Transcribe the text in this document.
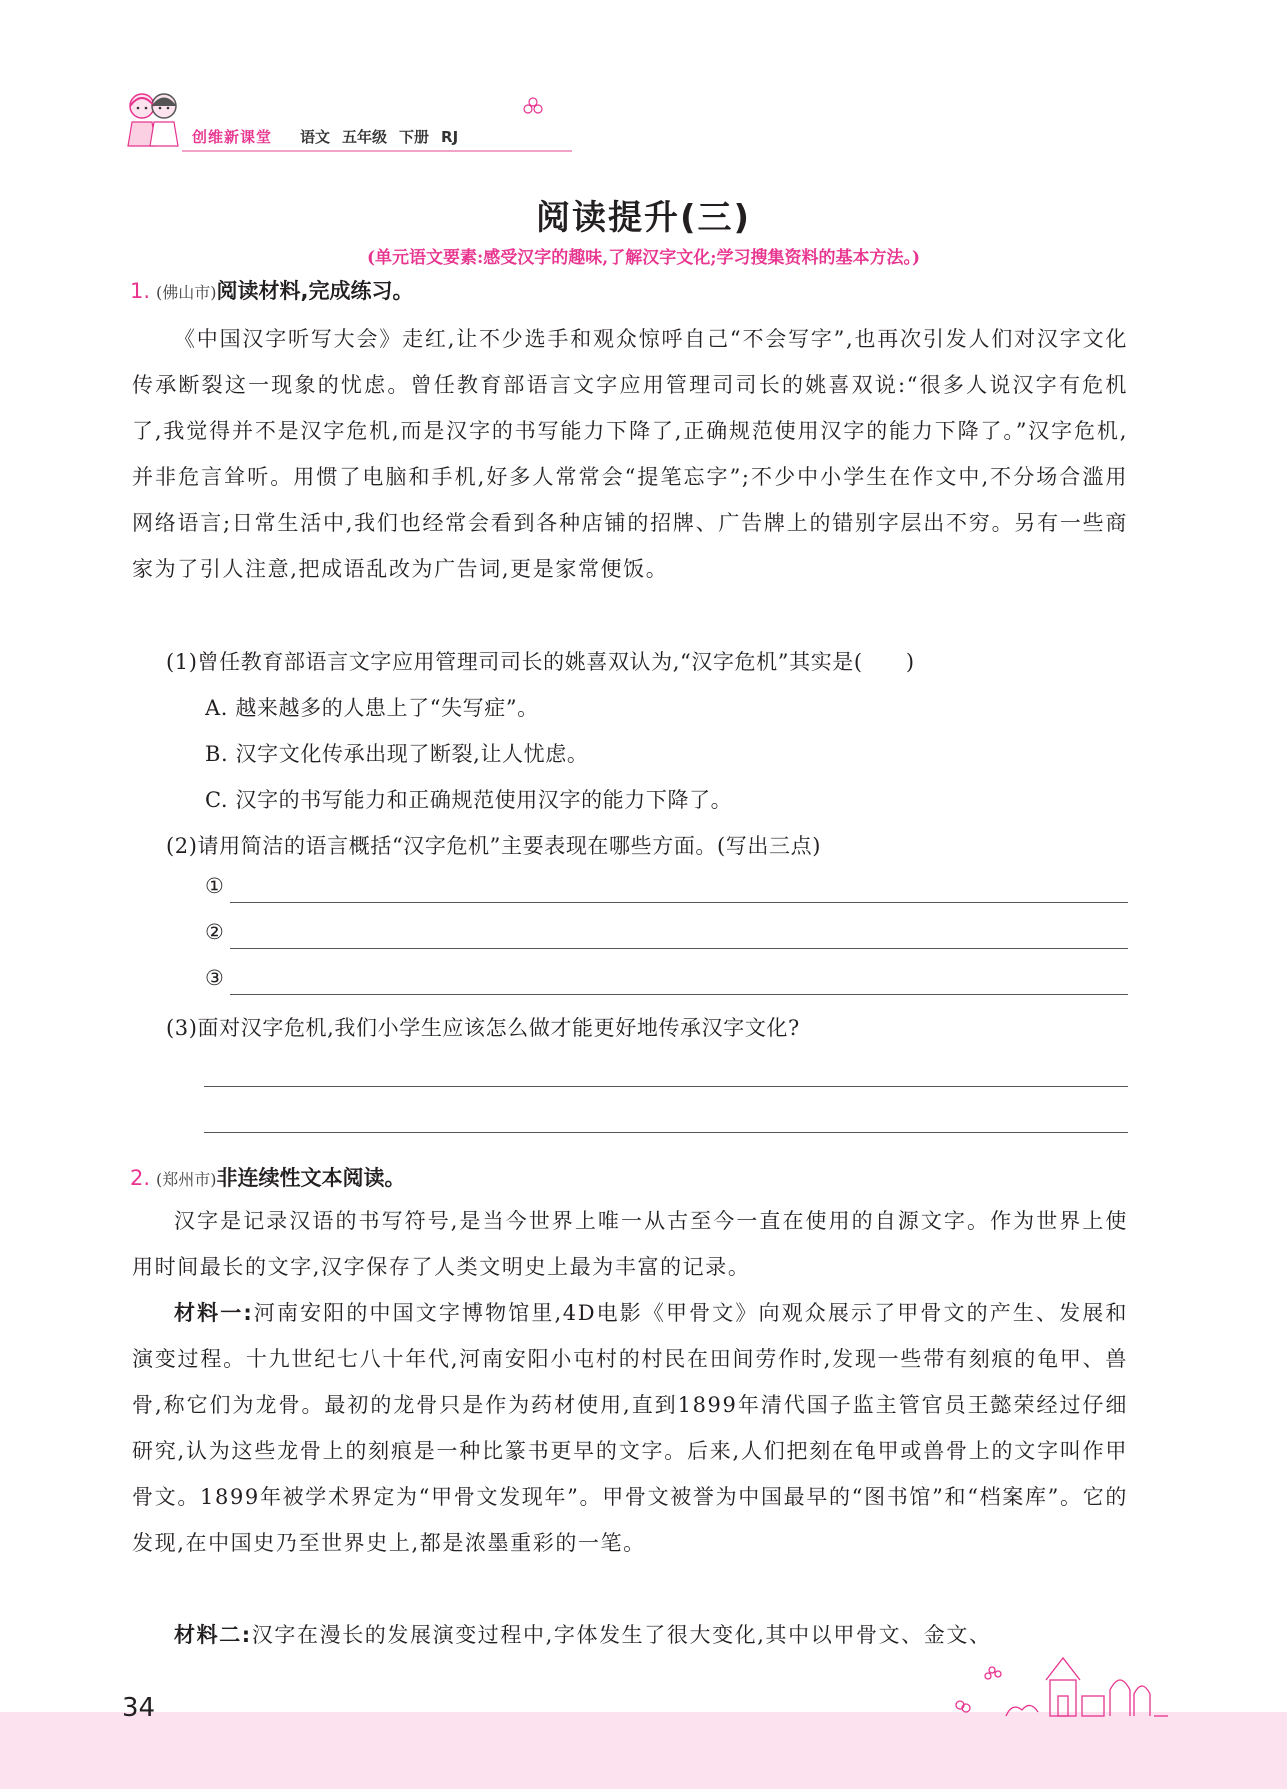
创维新课堂 语文 五年级 下册 RJ
阅读提升(三)
(单元语文要素:感受汉字的趣味,了解汉字文化;学习搜集资料的基本方法。)
1. (佛山市)阅读材料,完成练习。
《中国汉字听写大会》走红,让不少选手和观众惊呼自己“不会写字”,也再次引发人们对汉字文化传承断裂这一现象的忧虑。曾任教育部语言文字应用管理司司长的姚喜双说:“很多人说汉字有危机了,我觉得并不是汉字危机,而是汉字的书写能力下降了,正确规范使用汉字的能力下降了。”汉字危机,并非危言耸听。用惯了电脑和手机,好多人常常会“提笔忘字”;不少中小学生在作文中,不分场合滥用网络语言;日常生活中,我们也经常会看到各种店铺的招牌、广告牌上的错别字层出不穷。另有一些商家为了引人注意,把成语乱改为广告词,更是家常便饭。
(1)曾任教育部语言文字应用管理司司长的姚喜双认为,“汉字危机”其实是(　　)
A. 越来越多的人患上了“失写症”。
B. 汉字文化传承出现了断裂,让人忧虑。
C. 汉字的书写能力和正确规范使用汉字的能力下降了。
(2)请用简洁的语言概括“汉字危机”主要表现在哪些方面。(写出三点)
①
②
③
(3)面对汉字危机,我们小学生应该怎么做才能更好地传承汉字文化?
2. (郑州市)非连续性文本阅读。
汉字是记录汉语的书写符号,是当今世界上唯一从古至今一直在使用的自源文字。作为世界上使用时间最长的文字,汉字保存了人类文明史上最为丰富的记录。
材料一:河南安阳的中国文字博物馆里,4D电影《甲骨文》向观众展示了甲骨文的产生、发展和演变过程。十九世纪七八十年代,河南安阳小屯村的村民在田间劳作时,发现一些带有刻痕的龟甲、兽骨,称它们为龙骨。最初的龙骨只是作为药材使用,直到1899年清代国子监主管官员王懿荣经过仔细研究,认为这些龙骨上的刻痕是一种比篆书更早的文字。后来,人们把刻在龟甲或兽骨上的文字叫作甲骨文。1899年被学术界定为“甲骨文发现年”。甲骨文被誉为中国最早的“图书馆”和“档案库”。它的发现,在中国史乃至世界史上,都是浓墨重彩的一笔。
材料二:汉字在漫长的发展演变过程中,字体发生了很大变化,其中以甲骨文、金文、
34
